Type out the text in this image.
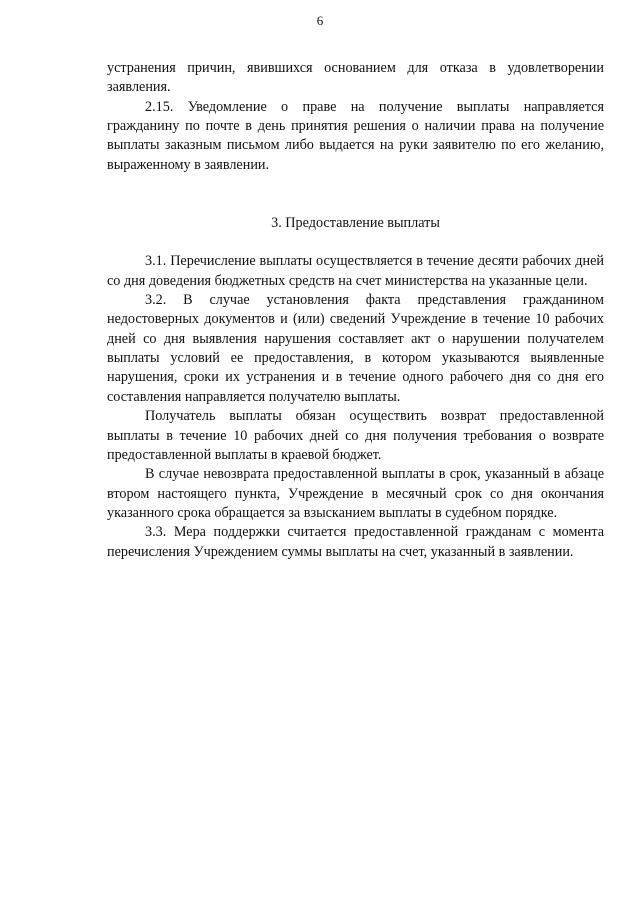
6

устранения причин, явившихся основанием для отказа в удовлетворении заявления.

2.15. Уведомление о праве на получение выплаты направляется гражданину по почте в день принятия решения о наличии права на получение выплаты заказным письмом либо выдается на руки заявителю по его желанию, выраженному в заявлении.

3. Предоставление выплаты

3.1. Перечисление выплаты осуществляется в течение десяти рабочих дней со дня доведения бюджетных средств на счет министерства на указанные цели.

3.2. В случае установления факта представления гражданином недостоверных документов и (или) сведений Учреждение в течение 10 рабочих дней со дня выявления нарушения составляет акт о нарушении получателем выплаты условий ее предоставления, в котором указываются выявленные нарушения, сроки их устранения и в течение одного рабочего дня со дня его составления направляется получателю выплаты.

Получатель выплаты обязан осуществить возврат предоставленной выплаты в течение 10 рабочих дней со дня получения требования о возврате предоставленной выплаты в краевой бюджет.

В случае невозврата предоставленной выплаты в срок, указанный в абзаце втором настоящего пункта, Учреждение в месячный срок со дня окончания указанного срока обращается за взысканием выплаты в судебном порядке.

3.3. Мера поддержки считается предоставленной гражданам с момента перечисления Учреждением суммы выплаты на счет, указанный в заявлении.
